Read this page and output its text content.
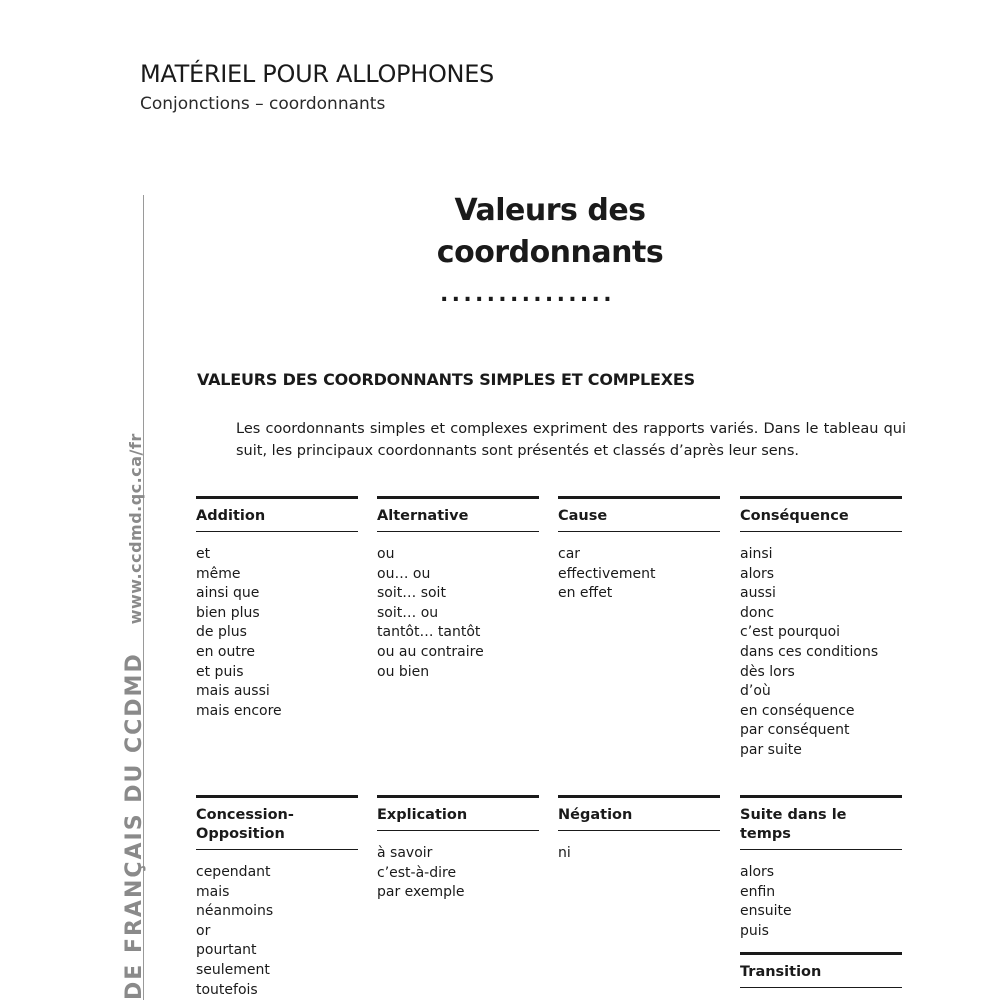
MATÉRIEL POUR ALLOPHONES
Conjonctions – coordonnants
DE FRANÇAIS DU CCDMDwww.ccdmd.qc.ca/fr
Valeurs des
coordonnants
...............
VALEURS DES COORDONNANTS SIMPLES ET COMPLEXES
Les coordonnants simples et complexes expriment des rapports variés. Dans le tableau qui suit, les principaux coordonnants sont présentés et classés d’après leur sens.
Addition
et
même
ainsi que
bien plus
de plus
en outre
et puis
mais aussi
mais encore
Alternative
ou
ou… ou
soit… soit
soit… ou
tantôt… tantôt
ou au contraire
ou bien
Cause
car
effectivement
en effet
Conséquence
ainsi
alors
aussi
donc
c’est pourquoi
dans ces conditions
dès lors
d’où
en conséquence
par conséquent
par suite
Concession-Opposition
cependant
mais
néanmoins
or
pourtant
seulement
toutefois
Explication
à savoir
c’est-à-dire
par exemple
Négation
ni
Suite dans le temps
alors
enfin
ensuite
puis
Transition
